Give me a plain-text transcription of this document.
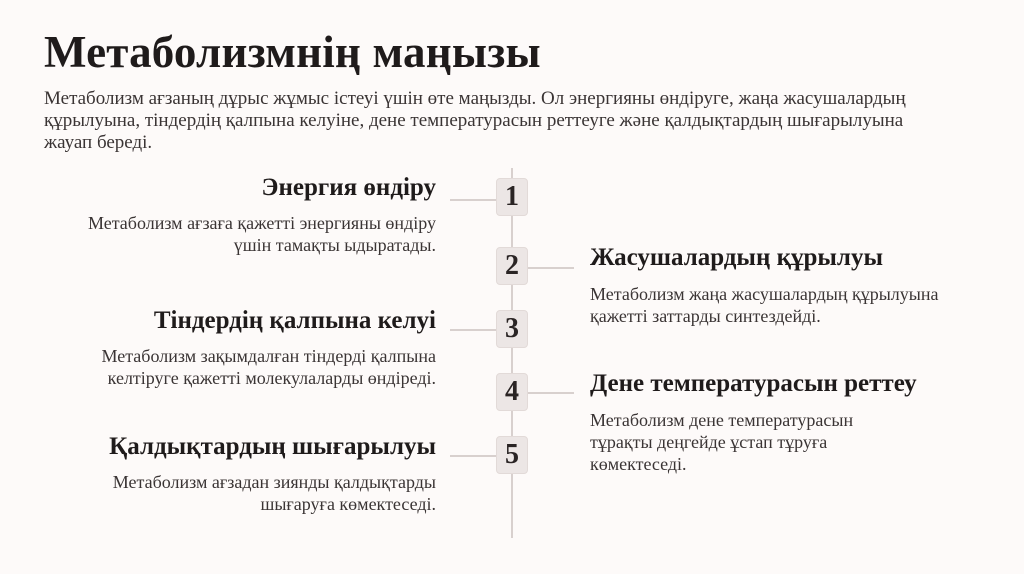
Метаболизмнің маңызы
Метаболизм ағзаның дұрыс жұмыс істеуі үшін өте маңызды. Ол энергияны өндіруге, жаңа жасушалардың құрылуына, тіндердің қалпына келуіне, дене температурасын реттеуге және қалдықтардың шығарылуына жауап береді.
1
2
3
4
5
Энергия өндіру
Метаболизм ағзаға қажетті энергияны өндіру үшін тамақты ыдыратады.	Жасушалардың құрылуы
Метаболизм жаңа жасушалардың құрылуына қажетті заттарды синтездейді.
Тіндердің қалпына келуі
Метаболизм зақымдалған тіндерді қалпына келтіруге қажетті молекулаларды өндіреді.	Дене температурасын реттеу
Метаболизм дене температурасын тұрақты деңгейде ұстап тұруға көмектеседі.
Қалдықтардың шығарылуы
Метаболизм ағзадан зиянды қалдықтарды шығаруға көмектеседі.
